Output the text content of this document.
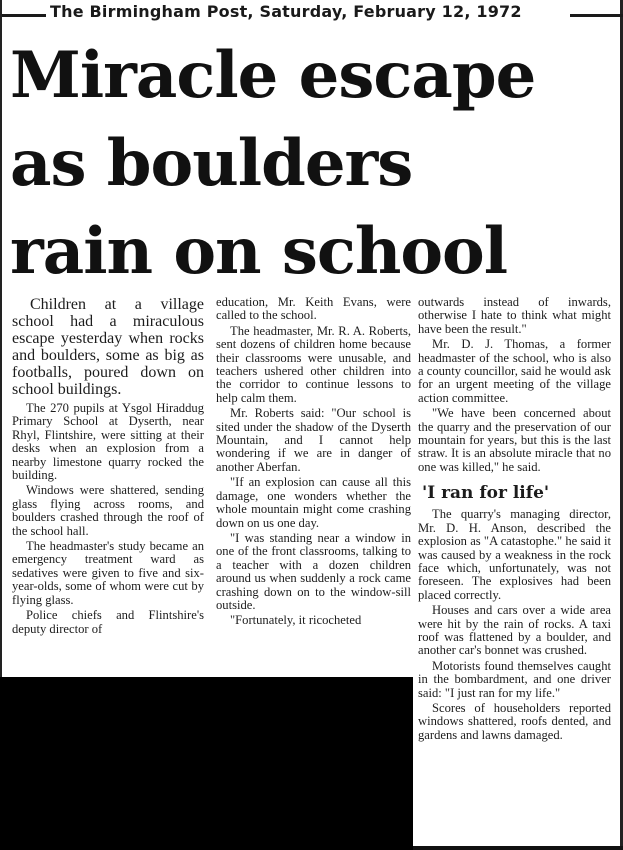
The Birmingham Post, Saturday, February 12, 1972
Miracle escape
as boulders
rain on school

Children at a village school had a miraculous escape yesterday when rocks and boulders, some as big as footballs, poured down on school buildings.

The 270 pupils at Ysgol Hiraddug Primary School at Dyserth, near Rhyl, Flintshire, were sitting at their desks when an explosion from a nearby limestone quarry rocked the building.

Windows were shattered, sending glass flying across rooms, and boulders crashed through the roof of the school hall.

The headmaster's study became an emergency treatment ward as sedatives were given to five and six-year-olds, some of whom were cut by flying glass.

Police chiefs and Flintshire's deputy director of

education, Mr. Keith Evans, were called to the school.

The headmaster, Mr. R. A. Roberts, sent dozens of children home because their classrooms were unusable, and teachers ushered other children into the corridor to continue lessons to help calm them.

Mr. Roberts said: "Our school is sited under the shadow of the Dyserth Mountain, and I cannot help wondering if we are in danger of another Aberfan.

"If an explosion can cause all this damage, one wonders whether the whole mountain might come crashing down on us one day.

"I was standing near a window in one of the front classrooms, talking to a teacher with a dozen children around us when suddenly a rock came crashing down on to the window-sill outside.

"Fortunately, it ricocheted

outwards instead of inwards, otherwise I hate to think what might have been the result."

Mr. D. J. Thomas, a former headmaster of the school, who is also a county councillor, said he would ask for an urgent meeting of the village action committee.

"We have been concerned about the quarry and the preservation of our mountain for years, but this is the last straw. It is an absolute miracle that no one was killed," he said.

'I ran for life'

The quarry's managing director, Mr. D. H. Anson, described the explosion as "A catastophe." he said it was caused by a weakness in the rock face which, unfortunately, was not foreseen. The explosives had been placed correctly.

Houses and cars over a wide area were hit by the rain of rocks. A taxi roof was flattened by a boulder, and another car's bonnet was crushed.

Motorists found themselves caught in the bombardment, and one driver said: "I just ran for my life."

Scores of householders reported windows shattered, roofs dented, and gardens and lawns damaged.
